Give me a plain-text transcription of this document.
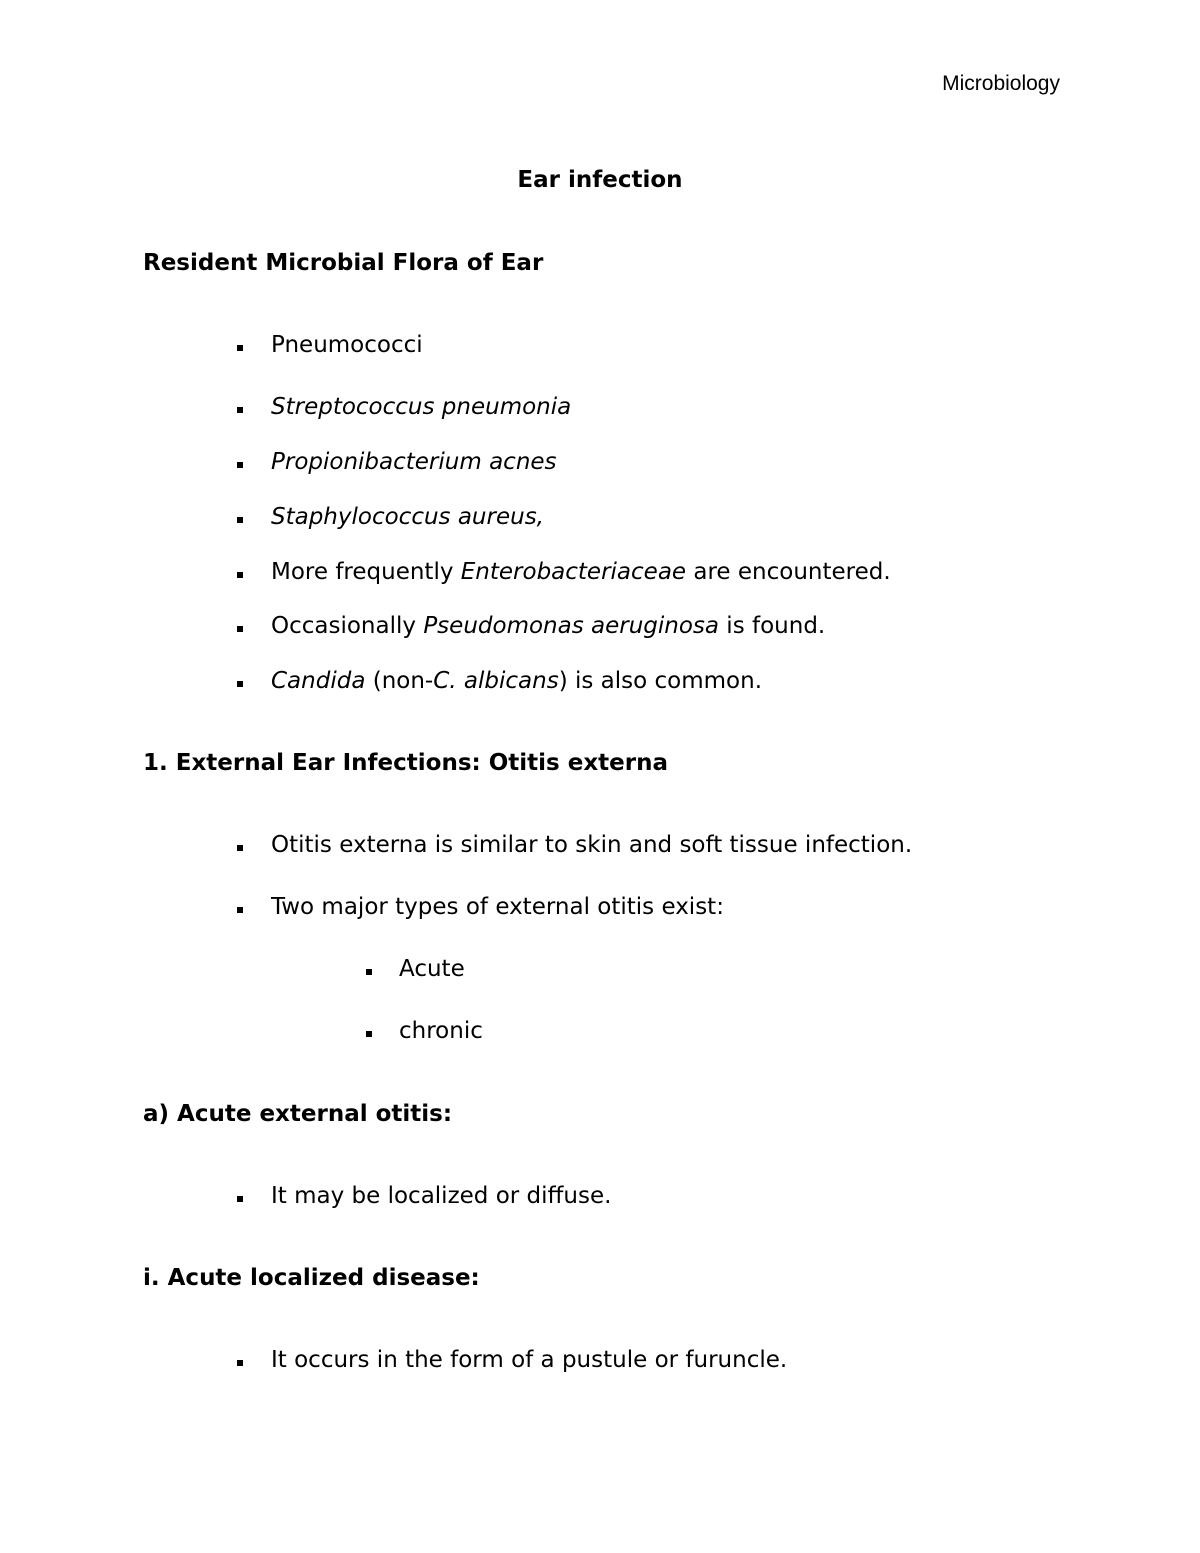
Microbiology
Ear infection
Resident Microbial Flora of Ear
Pneumococci
Streptococcus pneumonia
Propionibacterium acnes
Staphylococcus aureus,
More frequently Enterobacteriaceae are encountered.
Occasionally Pseudomonas aeruginosa is found.
Candida (non-C. albicans) is also common.
1. External Ear Infections: Otitis externa
Otitis externa is similar to skin and soft tissue infection.
Two major types of external otitis exist:
Acute
chronic
a) Acute external otitis:
It may be localized or diffuse.
i. Acute localized disease:
It occurs in the form of a pustule or furuncle.
